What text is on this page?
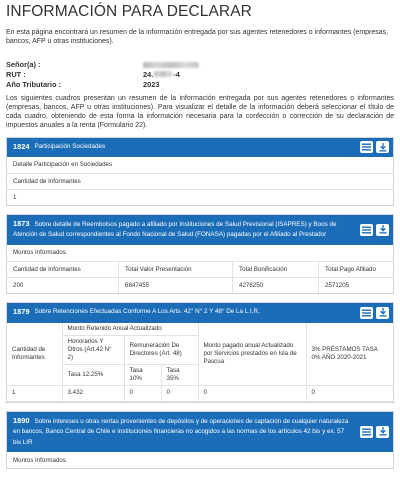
INFORMACIÓN PARA DECLARAR
En esta página encontrará un resumen de la información entregada por sus agentes retenedores o informantes (empresas, bancos, AFP u otras instituciones).
Señor(a) :
RUT :	24.	-4
Año Tributario :	2023
Los siguientes cuadros presentan un resumen de la información entregada por sus agentes retenedores o informantes (empresas, bancos, AFP u otras instituciones). Para visualizar el detalle de la información deberá seleccionar el título de cada cuadro, obteniendo de esta forma la información necesaria para la confección o corrección de su declaración de impuestos anuales a la renta (Formulario 22).
1824 Participación Sociedades
Detalle Participación en Sociedades
Cantidad de Informantes
1
1873 Sobre detalle de Reembolsos pagado a afiliado por Instituciones de Salud Previsional (ISAPRES) y Boos de Atención de Salud correspondientes al Fondo Nacional de Salud (FONASA) pagadas por el Afiliado al Prestador
Montos Informados
Cantidad de Informantes	Total Valor Presentación	Total Bonificación	Total Pago Afiliado
200	6847455	4276250	2571205
1879 Sobre Retenciones Efectuadas Conforme A Los Arts. 42° N° 2 Y 48° De La L.I.R.
Cantidad de Informantes	Monto Retenido Anual Actualizado			Monto pagado anual Actualizado por Servicios prestados en Isla de Pascua	3% PRÉSTAMOS TASA 0% AÑO 2020-2021
	Honorarios Y Otros (Art.42 N° 2)	Remuneración De Directores (Art. 48)			
	Tasa 12.25%	Tasa 10%	Tasa 35%		
1	3.432	0	0	0	0
1890 Sobre intereses u otras rentas provenientes de depósitos y de operaciones de captación de cualquier naturaleza en bancos, Banco Central de Chile e instituciones financieras no acogidos a las normas de los artículos 42 bis y ex. 57 bis LIR
Montos Informados
